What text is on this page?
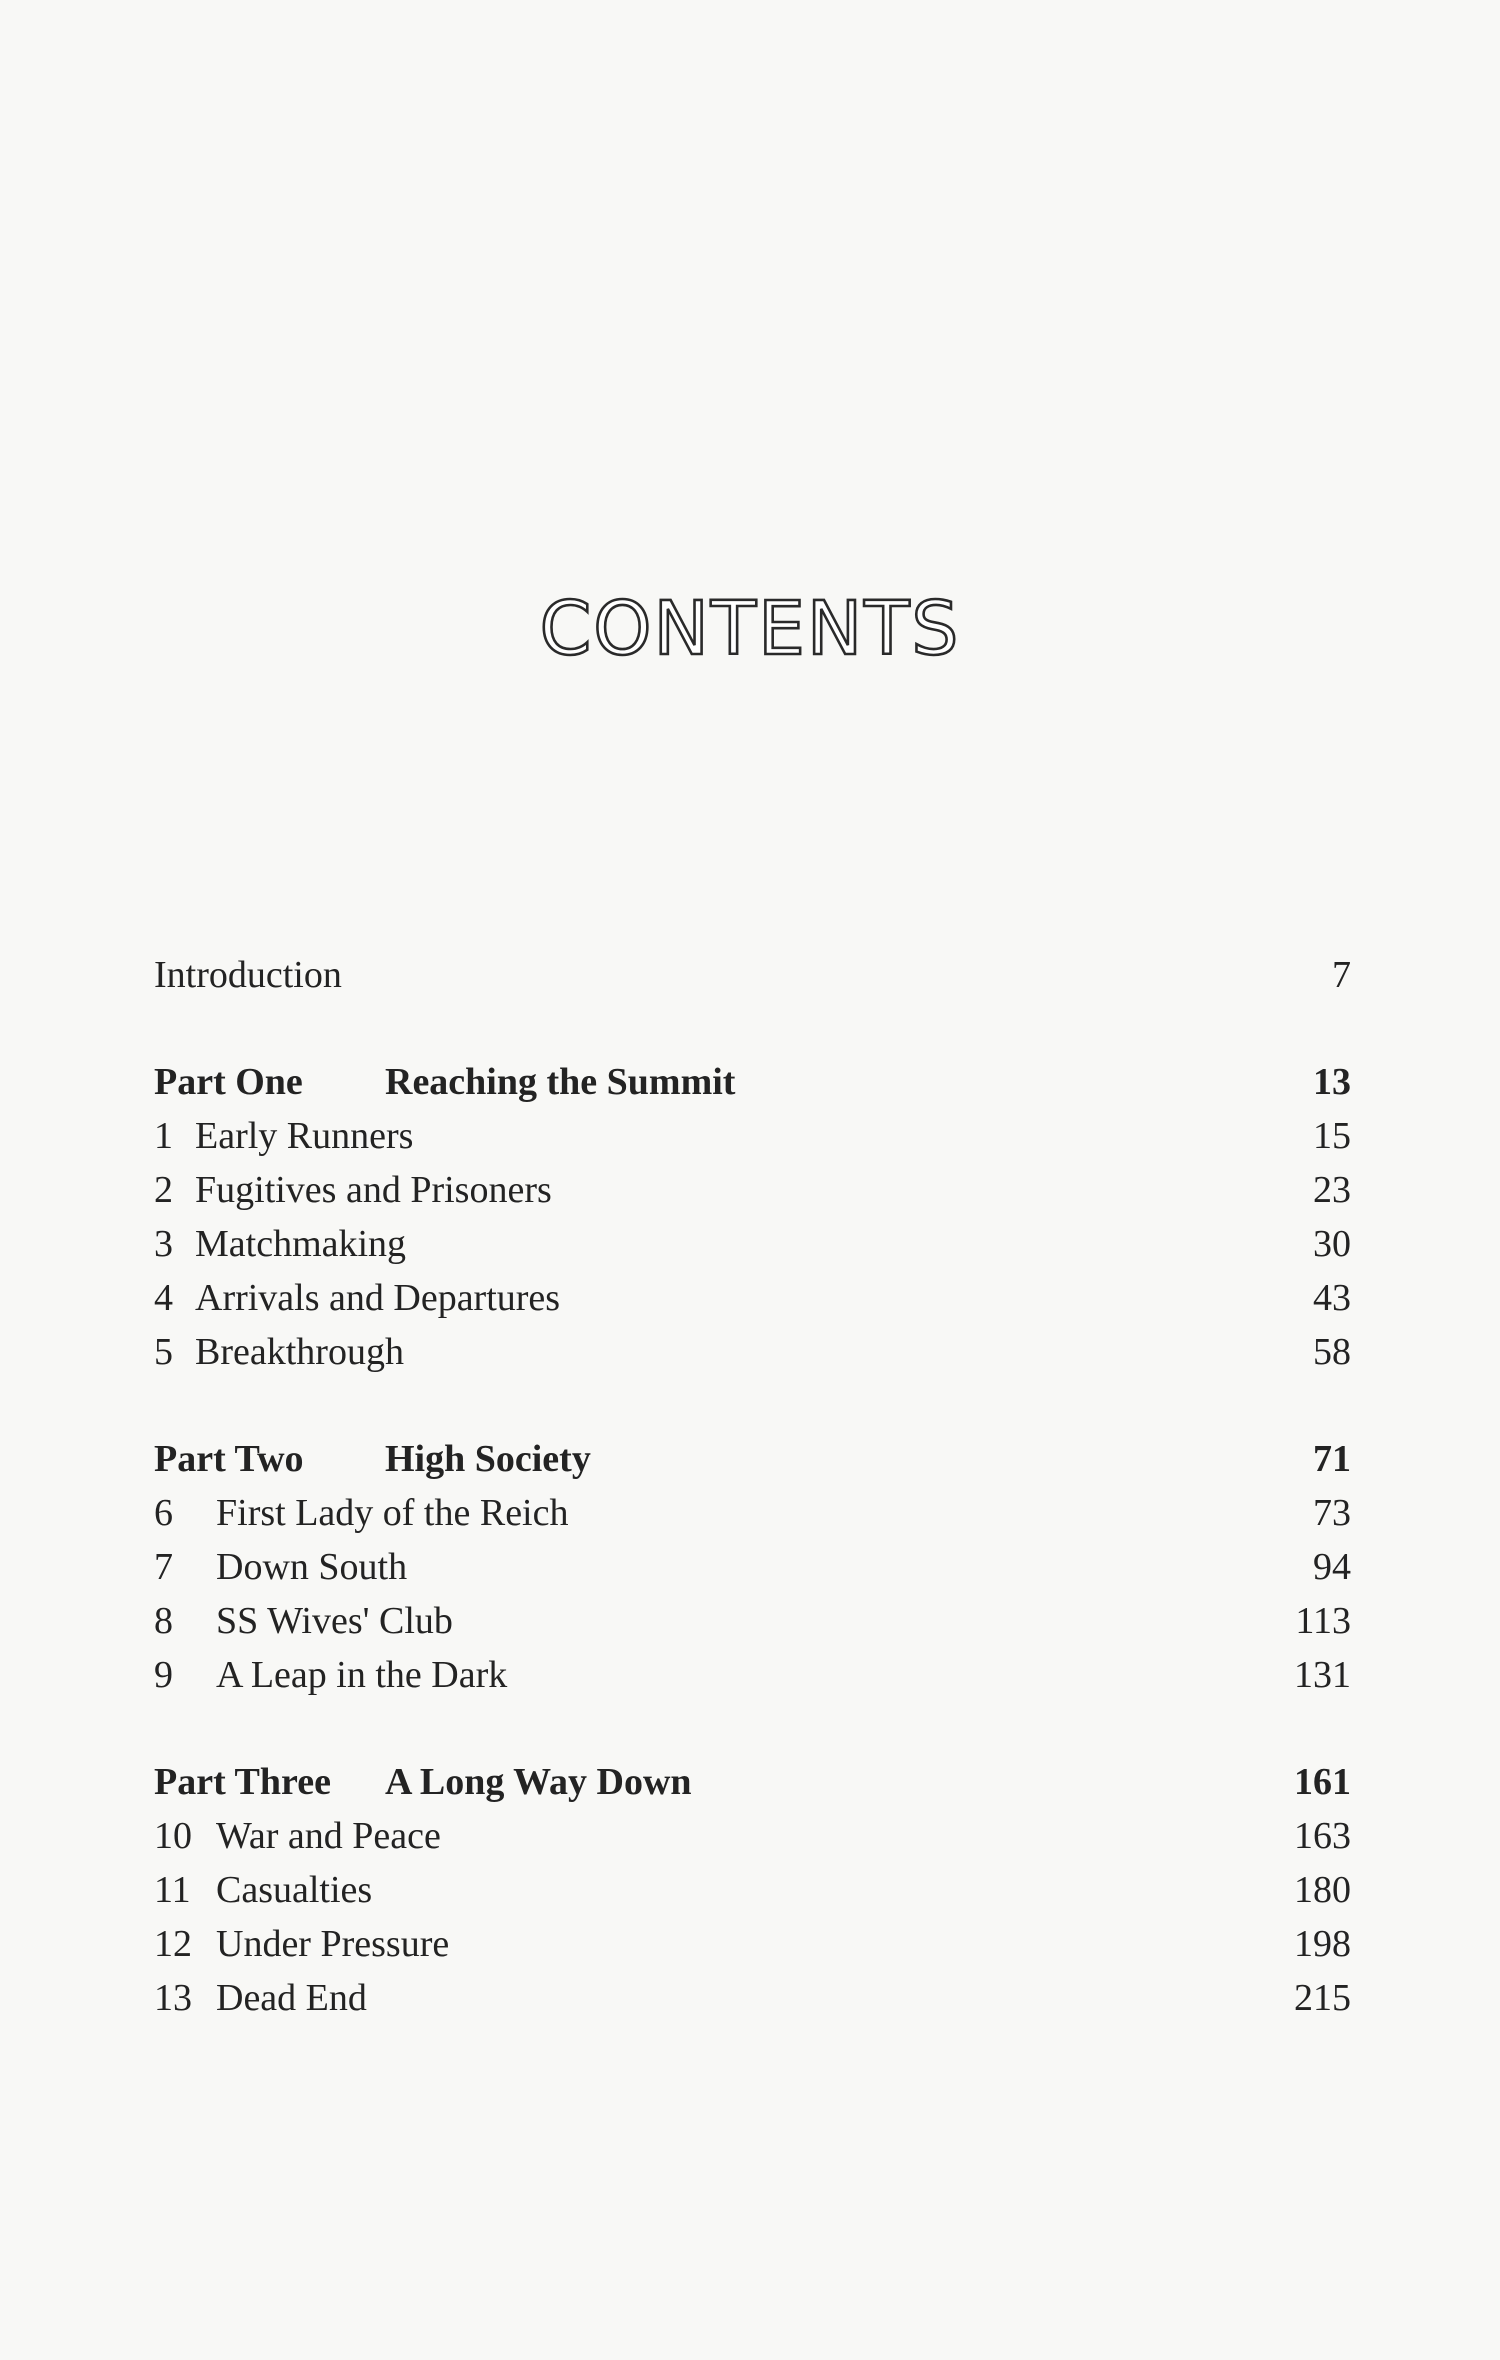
CONTENTS
Introduction	7
Part One Reaching the Summit	13
1 Early Runners	15
2 Fugitives and Prisoners	23
3 Matchmaking	30
4 Arrivals and Departures	43
5 Breakthrough	58
Part Two High Society	71
6 First Lady of the Reich	73
7 Down South	94
8 SS Wives' Club	113
9 A Leap in the Dark	131
Part Three A Long Way Down	161
10 War and Peace	163
11 Casualties	180
12 Under Pressure	198
13 Dead End	215
